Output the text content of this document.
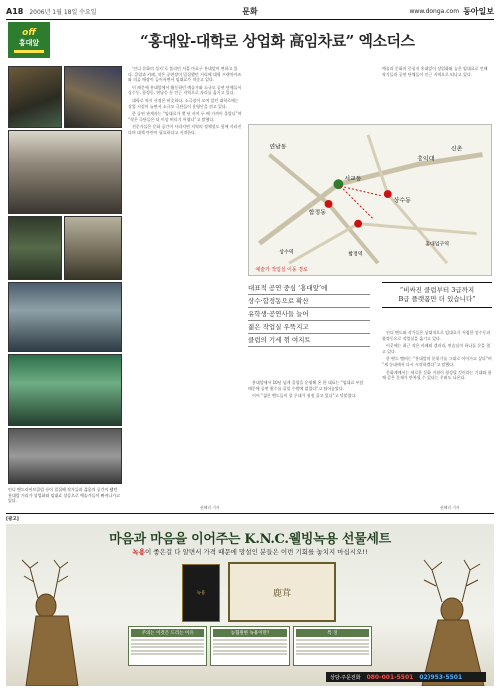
A18 2006년 1월 18일 수요일	문화	www.donga.com 동아일보
off
홍대앞	“홍대앞-대학로 상업화 高임차료” 엑소더스
인디 밴드라이브클럽 등이 밀집해 작가들과 젊음의 공간이 됐던 홍대앞 거리가 상업화와 임대료 상승으로 예술가들이 빠져나가고 있다.

‘인디 문화의 성지’로 불리던 서울 마포구 홍대앞이 변하고 있다. 클럽과 카페, 작은 공연장이 밀집했던 거리에 대형 프랜차이즈와 의류 매장이 들어서면서 임대료가 치솟고 있다.

이 때문에 홍대앞에서 활동하던 예술가와 소규모 공연 단체들이 상수동, 합정동, 연남동 등 인근 지역으로 자리를 옮기고 있다.

대학로 역시 사정은 비슷하다. 소극장이 모여 있던 대학로에는 상업 시설이 늘면서 소규모 극단들이 운영난을 겪고 있다.

한 공연 관계자는 “임대료가 몇 년 사이 두 배 가까이 올랐다”며 “작은 극단들은 더 이상 버티기 어렵다”고 말했다.

전문가들은 문화 공간이 사라지면 지역의 정체성도 함께 사라진다며 대책 마련이 필요하다고 지적한다.

예술과 문화의 중심지 홍대앞이 상업화와 높은 임대료로 인해 작가들과 공연 단체들이 인근 지역으로 떠나고 있다.
서교동
합정동
상수동
홍익대
신촌
연남동
홍대입구역
합정역
상수역
예술가 작업실 이동 경로
대표적 공연 중심 ‘홍대앞’에
상수·합정동으로 확산
유학생·공연사들 늘어
젊은 작업실 우뚝지고
클럽의 기세 꺾 여지트
“비싸진 클럽부터 3급까지
B급 플랫폼만 더 있습니다”

홍대앞에서 10년 넘게 클럽을 운영해 온 한 대표는 “임대료 부담 때문에 공연 횟수를 줄일 수밖에 없었다”고 털어놓았다.

이어 “젊은 밴드들이 설 무대가 점점 줄고 있다”고 덧붙였다.

인디 밴드와 작가들은 상대적으로 임대료가 저렴한 상수동과 합정동으로 작업실을 옮기고 있다.

이곳에는 최근 작은 카페와 갤러리, 연습실이 하나둘 문을 열고 있다.

한 밴드 멤버는 “홍대앞의 분위기를 그대로 이어가고 싶다”며 “새 동네에서 다시 시작하겠다”고 말했다.

문화계에서는 새로운 문화 거점이 형성될 것이라는 기대와 함께 같은 문제가 반복될 수 있다는 우려도 나온다.

권혜리 기자	권혜리 기자
[광고]
마음과 마음을 이어주는 K.N.C.웰빙녹용 선물세트
녹용이 좋은걸 다 알면서 가격 때문에 망설인 분들은 이번 기회를 놓치지 마십시오!!
녹용	鹿茸
주의는 이것은 드리는 이유	농협원한 녹용이란?	특 징
상담·주문전화 080-001-5501 02)953-5501
